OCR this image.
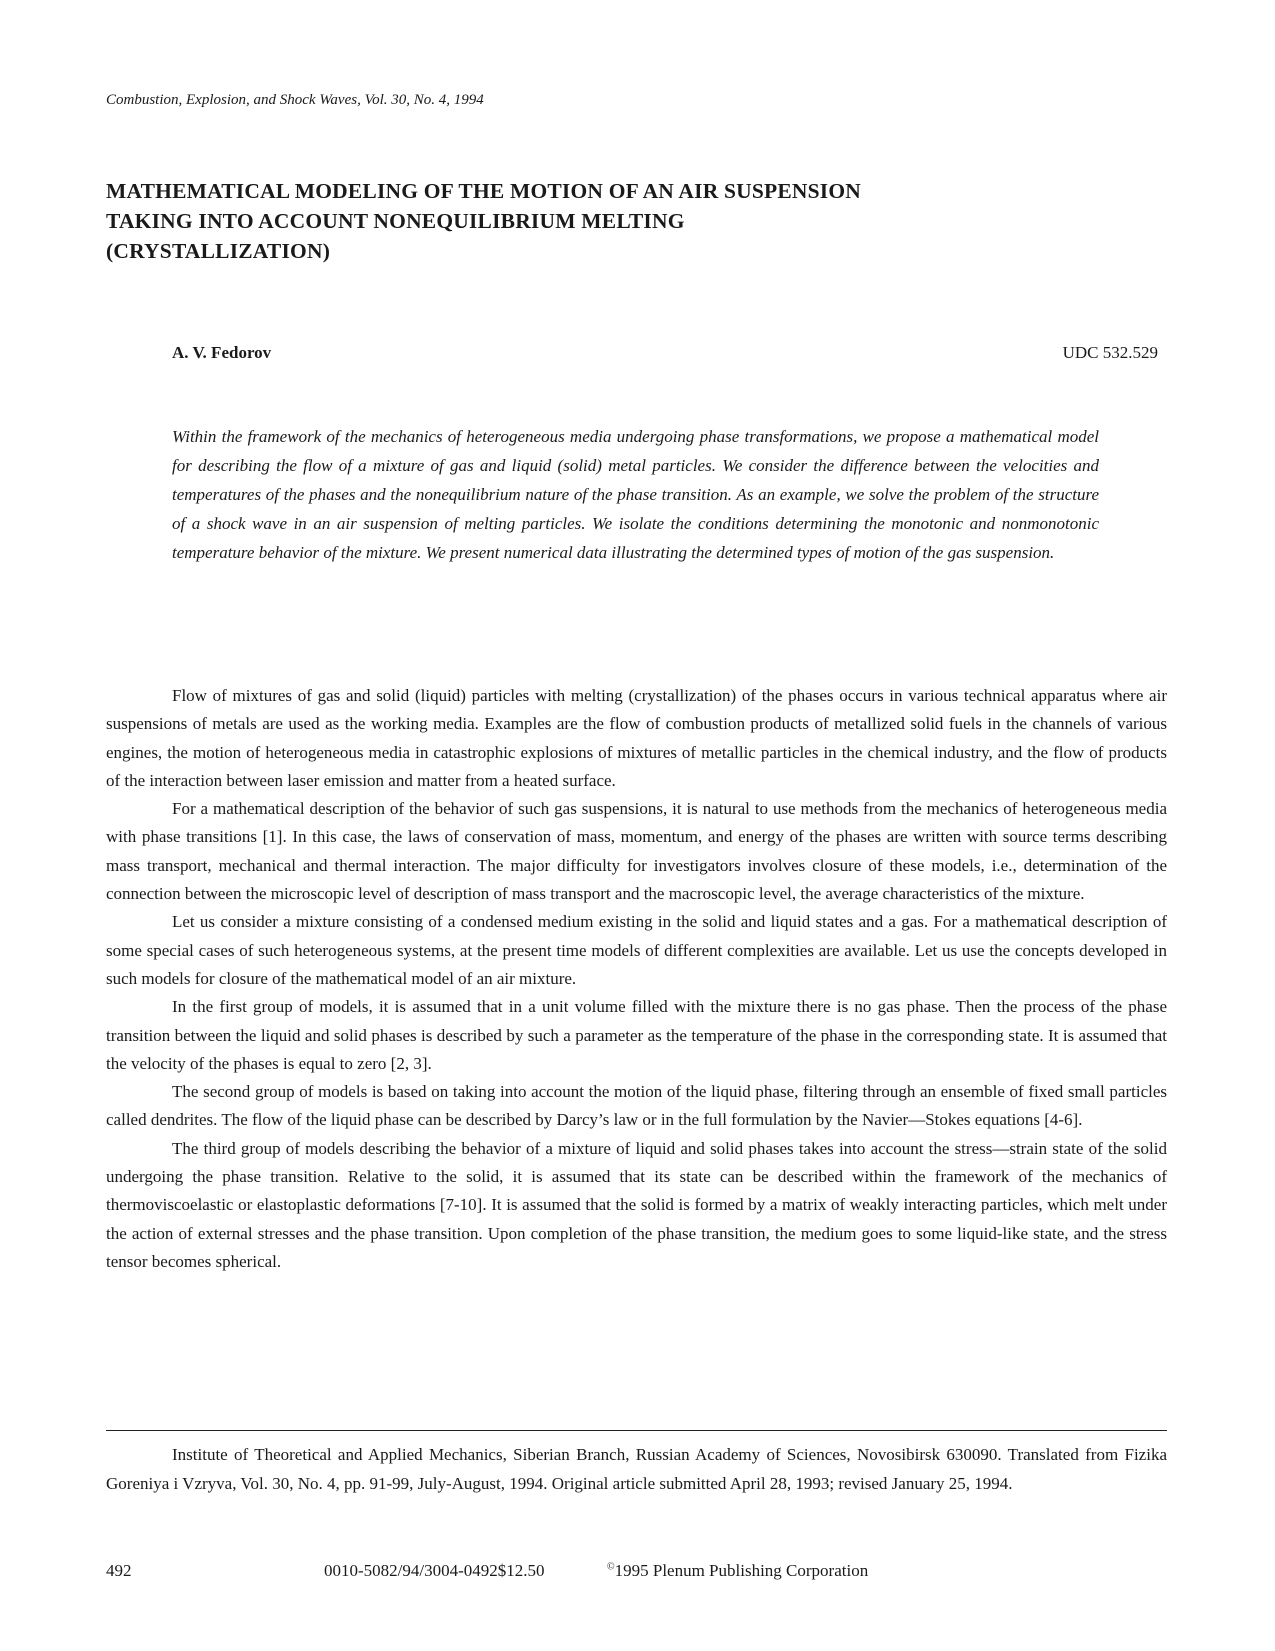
Combustion, Explosion, and Shock Waves, Vol. 30, No. 4, 1994
MATHEMATICAL MODELING OF THE MOTION OF AN AIR SUSPENSION
TAKING INTO ACCOUNT NONEQUILIBRIUM MELTING
(CRYSTALLIZATION)
A. V. Fedorov	UDC 532.529

Within the framework of the mechanics of heterogeneous media undergoing phase transformations, we propose a mathematical model for describing the flow of a mixture of gas and liquid (solid) metal particles. We consider the difference between the velocities and temperatures of the phases and the nonequilibrium nature of the phase transition. As an example, we solve the problem of the structure of a shock wave in an air suspension of melting particles. We isolate the conditions determining the monotonic and nonmonotonic temperature behavior of the mixture. We present numerical data illustrating the determined types of motion of the gas suspension.

Flow of mixtures of gas and solid (liquid) particles with melting (crystallization) of the phases occurs in various technical apparatus where air suspensions of metals are used as the working media. Examples are the flow of combustion products of metallized solid fuels in the channels of various engines, the motion of heterogeneous media in catastrophic explosions of mixtures of metallic particles in the chemical industry, and the flow of products of the interaction between laser emission and matter from a heated surface.

For a mathematical description of the behavior of such gas suspensions, it is natural to use methods from the mechanics of heterogeneous media with phase transitions [1]. In this case, the laws of conservation of mass, momentum, and energy of the phases are written with source terms describing mass transport, mechanical and thermal interaction. The major difficulty for investigators involves closure of these models, i.e., determination of the connection between the microscopic level of description of mass transport and the macroscopic level, the average characteristics of the mixture.

Let us consider a mixture consisting of a condensed medium existing in the solid and liquid states and a gas. For a mathematical description of some special cases of such heterogeneous systems, at the present time models of different complexities are available. Let us use the concepts developed in such models for closure of the mathematical model of an air mixture.

In the first group of models, it is assumed that in a unit volume filled with the mixture there is no gas phase. Then the process of the phase transition between the liquid and solid phases is described by such a parameter as the temperature of the phase in the corresponding state. It is assumed that the velocity of the phases is equal to zero [2, 3].

The second group of models is based on taking into account the motion of the liquid phase, filtering through an ensemble of fixed small particles called dendrites. The flow of the liquid phase can be described by Darcy’s law or in the full formulation by the Navier—Stokes equations [4-6].

The third group of models describing the behavior of a mixture of liquid and solid phases takes into account the stress—strain state of the solid undergoing the phase transition. Relative to the solid, it is assumed that its state can be described within the framework of the mechanics of thermoviscoelastic or elastoplastic deformations [7-10]. It is assumed that the solid is formed by a matrix of weakly interacting particles, which melt under the action of external stresses and the phase transition. Upon completion of the phase transition, the medium goes to some liquid-like state, and the stress tensor becomes spherical.

Institute of Theoretical and Applied Mechanics, Siberian Branch, Russian Academy of Sciences, Novosibirsk 630090. Translated from Fizika Goreniya i Vzryva, Vol. 30, No. 4, pp. 91-99, July-August, 1994. Original article submitted April 28, 1993; revised January 25, 1994.

492	0010-5082/94/3004-0492$12.50	©1995 Plenum Publishing Corporation
